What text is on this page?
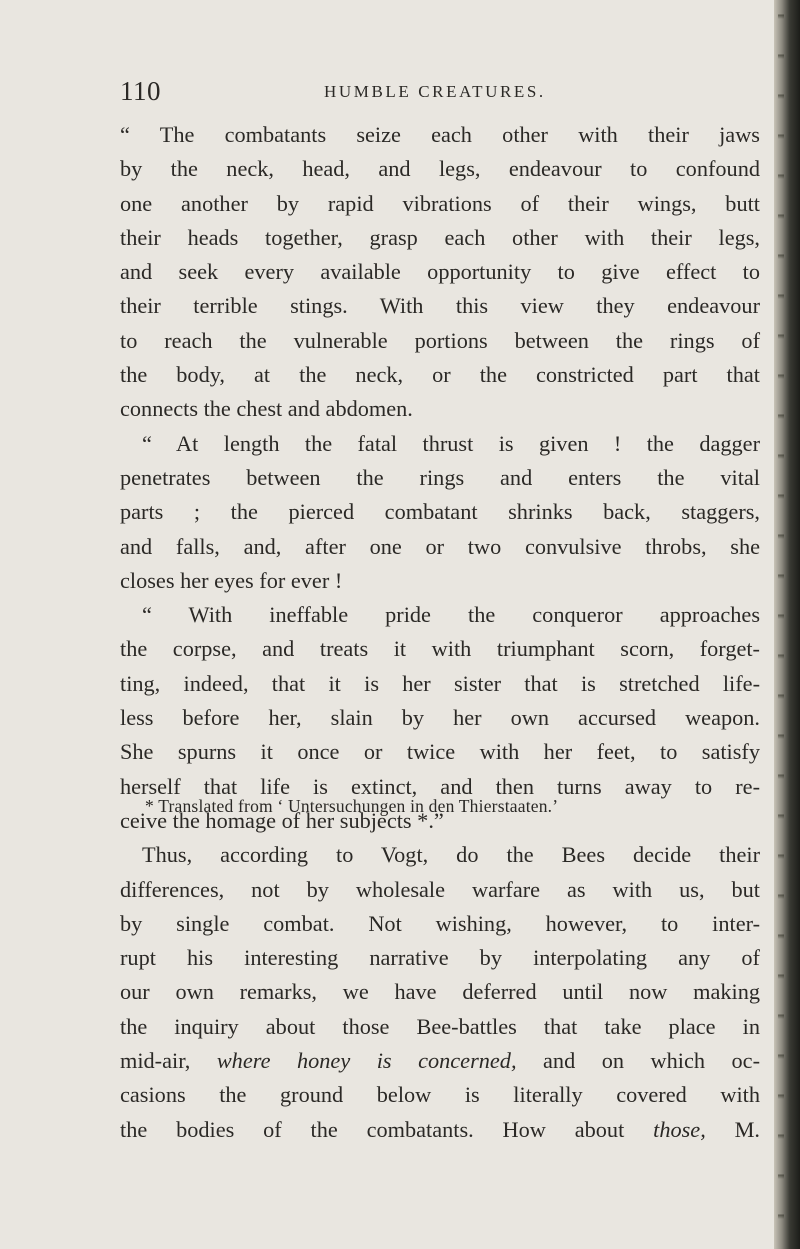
110	HUMBLE CREATURES.
“ The combatants seize each other with their jaws
by the neck, head, and legs, endeavour to confound
one another by rapid vibrations of their wings, butt
their heads together, grasp each other with their legs,
and seek every available opportunity to give effect to
their terrible stings. With this view they endeavour
to reach the vulnerable portions between the rings of
the body, at the neck, or the constricted part that
connects the chest and abdomen.
“ At length the fatal thrust is given ! the dagger
penetrates between the rings and enters the vital
parts ; the pierced combatant shrinks back, staggers,
and falls, and, after one or two convulsive throbs, she
closes her eyes for ever !
“ With ineffable pride the conqueror approaches
the corpse, and treats it with triumphant scorn, forget-
ting, indeed, that it is her sister that is stretched life-
less before her, slain by her own accursed weapon.
She spurns it once or twice with her feet, to satisfy
herself that life is extinct, and then turns away to re-
ceive the homage of her subjects *.”
Thus, according to Vogt, do the Bees decide their
differences, not by wholesale warfare as with us, but
by single combat. Not wishing, however, to inter-
rupt his interesting narrative by interpolating any of
our own remarks, we have deferred until now making
the inquiry about those Bee-battles that take place in
mid-air, where honey is concerned, and on which oc-
casions the ground below is literally covered with
the bodies of the combatants. How about those, M.
* Translated from ‘ Untersuchungen in den Thierstaaten.’
